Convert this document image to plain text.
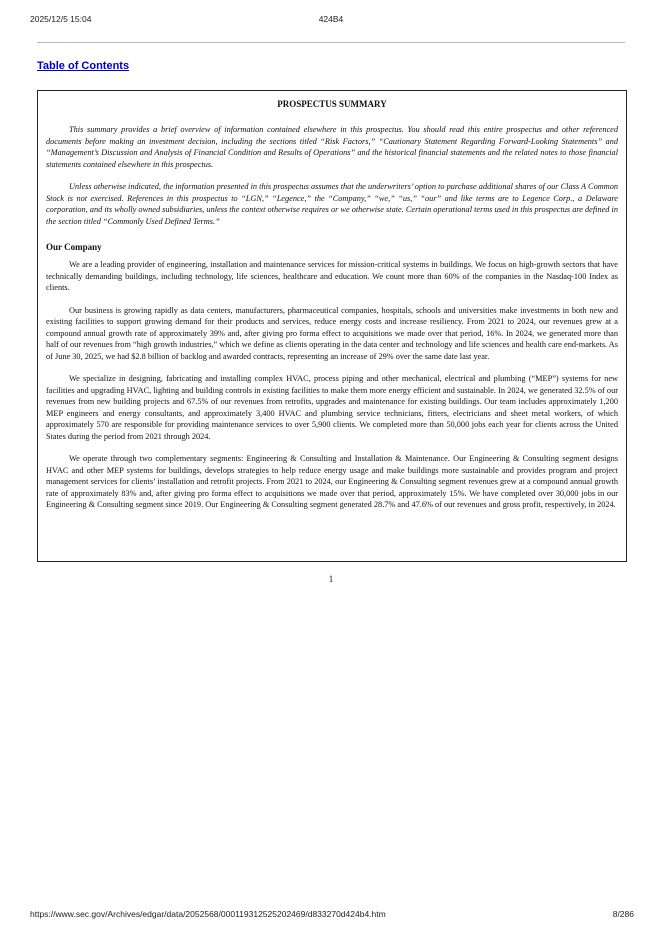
2025/12/5 15:04	424B4
Table of Contents
PROSPECTUS SUMMARY

This summary provides a brief overview of information contained elsewhere in this prospectus. You should read this entire prospectus and other referenced documents before making an investment decision, including the sections titled “Risk Factors,” “Cautionary Statement Regarding Forward-Looking Statements” and “Management’s Discussion and Analysis of Financial Condition and Results of Operations” and the historical financial statements and the related notes to those financial statements contained elsewhere in this prospectus.

Unless otherwise indicated, the information presented in this prospectus assumes that the underwriters’ option to purchase additional shares of our Class A Common Stock is not exercised. References in this prospectus to “LGN,” “Legence,” the “Company,” “we,” “us,” “our” and like terms are to Legence Corp., a Delaware corporation, and its wholly owned subsidiaries, unless the context otherwise requires or we otherwise state. Certain operational terms used in this prospectus are defined in the section titled “Commonly Used Defined Terms.”

Our Company

We are a leading provider of engineering, installation and maintenance services for mission-critical systems in buildings. We focus on high-growth sectors that have technically demanding buildings, including technology, life sciences, healthcare and education. We count more than 60% of the companies in the Nasdaq-100 Index as clients.

Our business is growing rapidly as data centers, manufacturers, pharmaceutical companies, hospitals, schools and universities make investments in both new and existing facilities to support growing demand for their products and services, reduce energy costs and increase resiliency. From 2021 to 2024, our revenues grew at a compound annual growth rate of approximately 39% and, after giving pro forma effect to acquisitions we made over that period, 16%. In 2024, we generated more than half of our revenues from “high growth industries,” which we define as clients operating in the data center and technology and life sciences and health care end-markets. As of June 30, 2025, we had $2.8 billion of backlog and awarded contracts, representing an increase of 29% over the same date last year.

We specialize in designing, fabricating and installing complex HVAC, process piping and other mechanical, electrical and plumbing (“MEP”) systems for new facilities and upgrading HVAC, lighting and building controls in existing facilities to make them more energy efficient and sustainable. In 2024, we generated 32.5% of our revenues from new building projects and 67.5% of our revenues from retrofits, upgrades and maintenance for existing buildings. Our team includes approximately 1,200 MEP engineers and energy consultants, and approximately 3,400 HVAC and plumbing service technicians, fitters, electricians and sheet metal workers, of which approximately 570 are responsible for providing maintenance services to over 5,900 clients. We completed more than 50,000 jobs each year for clients across the United States during the period from 2021 through 2024.

We operate through two complementary segments: Engineering & Consulting and Installation & Maintenance. Our Engineering & Consulting segment designs HVAC and other MEP systems for buildings, develops strategies to help reduce energy usage and make buildings more sustainable and provides program and project management services for clients’ installation and retrofit projects. From 2021 to 2024, our Engineering & Consulting segment revenues grew at a compound annual growth rate of approximately 83% and, after giving pro forma effect to acquisitions we made over that period, approximately 15%. We have completed over 30,000 jobs in our Engineering & Consulting segment since 2019. Our Engineering & Consulting segment generated 28.7% and 47.6% of our revenues and gross profit, respectively, in 2024.

1
https://www.sec.gov/Archives/edgar/data/2052568/000119312525202469/d833270d424b4.htm	8/286
